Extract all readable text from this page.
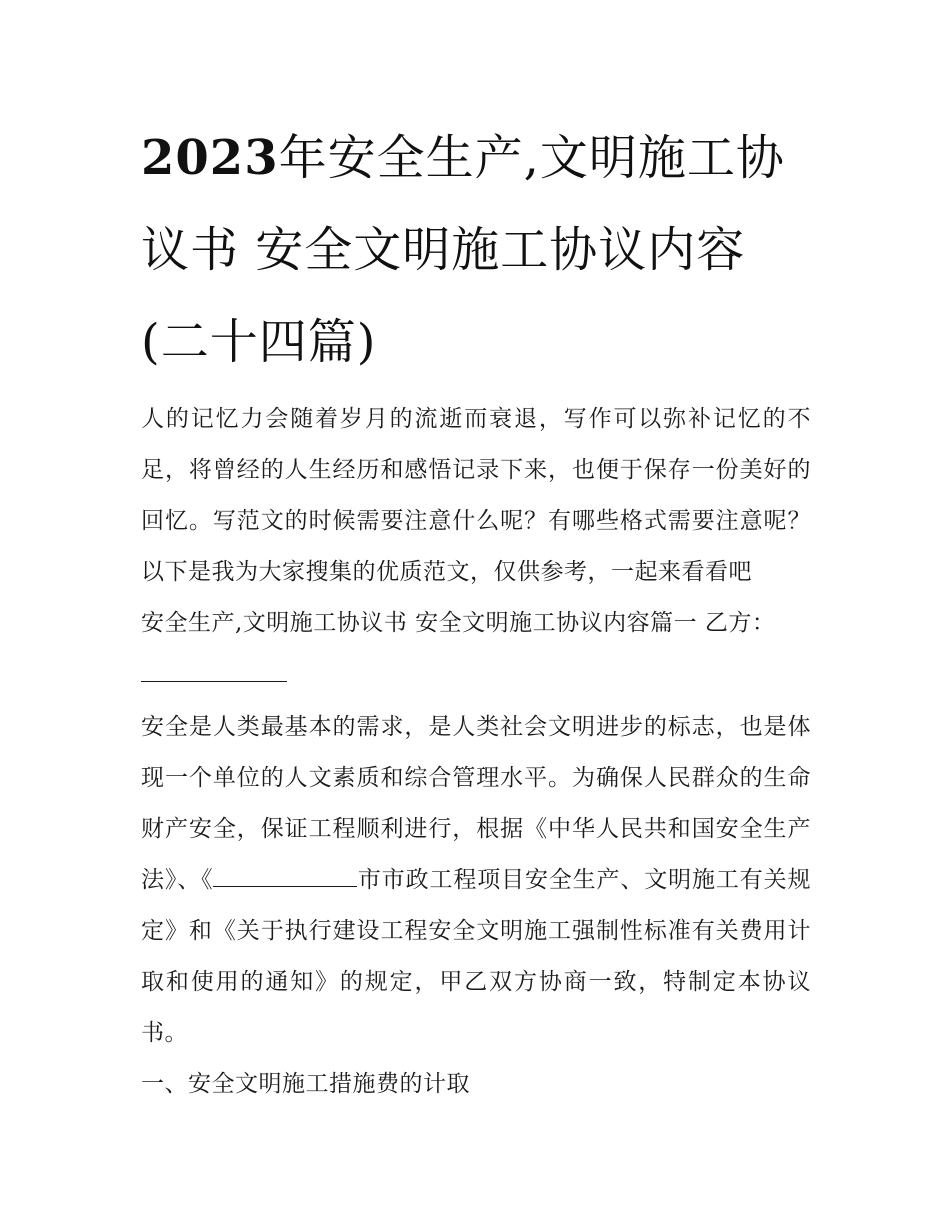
2023年安全生产,文明施工协议书 安全文明施工协议内容(二十四篇)

人的记忆力会随着岁月的流逝而衰退，写作可以弥补记忆的不足，将曾经的人生经历和感悟记录下来，也便于保存一份美好的回忆。写范文的时候需要注意什么呢？有哪些格式需要注意呢？以下是我为大家搜集的优质范文，仅供参考，一起来看看吧

安全生产,文明施工协议书 安全文明施工协议内容篇一 乙方：

安全是人类最基本的需求，是人类社会文明进步的标志，也是体现一个单位的人文素质和综合管理水平。为确保人民群众的生命财产安全，保证工程顺利进行，根据《中华人民共和国安全生产法》、《	市市政工程项目安全生产、文明施工有关规定》和《关于执行建设工程安全文明施工强制性标准有关费用计取和使用的通知》的规定，甲乙双方协商一致，特制定本协议书。

一、安全文明施工措施费的计取
